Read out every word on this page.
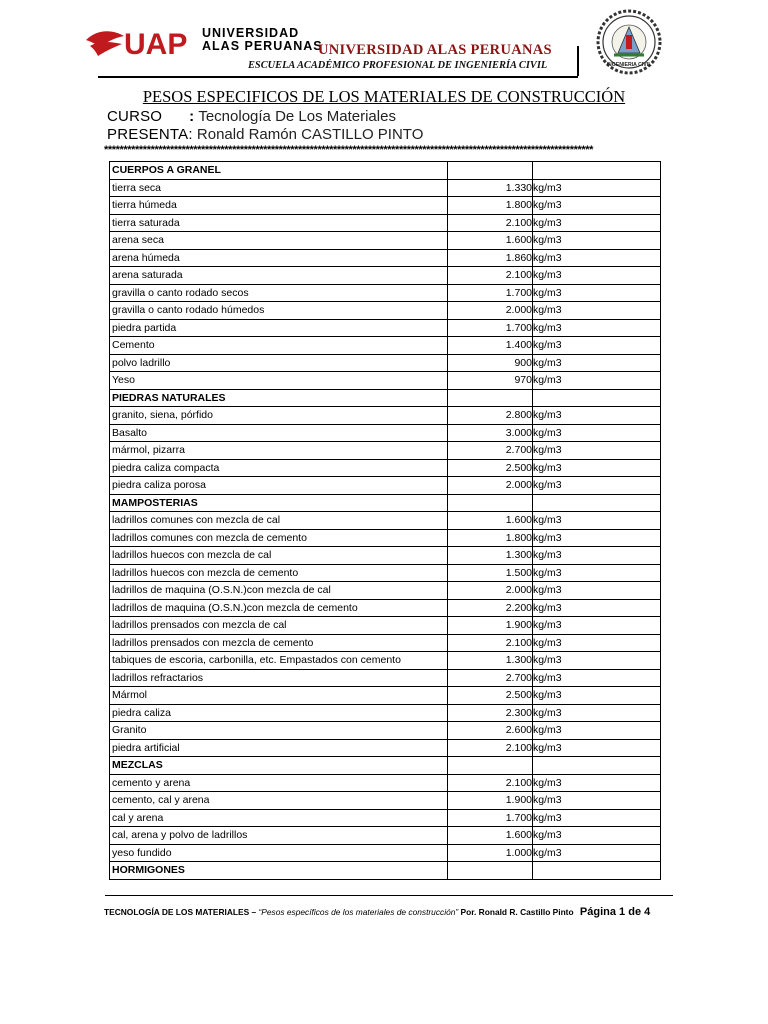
UAP UNIVERSIDAD
ALAS PERUANAS
UNIVERSIDAD ALAS PERUANAS
ESCUELA ACADÉMICO PROFESIONAL DE INGENIERÍA CIVIL	INGENIERIA CIVIL
PESOS ESPECIFICOS DE LOS MATERIALES DE CONSTRUCCIÓN
CURSO : Tecnología De Los Materiales
PRESENTA: Ronald Ramón CASTILLO PINTO
******************************************************************************************************************************
CUERPOS A GRANEL		
tierra seca	1.330	kg/m3
tierra húmeda	1.800	kg/m3
tierra saturada	2.100	kg/m3
arena seca	1.600	kg/m3
arena húmeda	1.860	kg/m3
arena saturada	2.100	kg/m3
gravilla o canto rodado secos	1.700	kg/m3
gravilla o canto rodado húmedos	2.000	kg/m3
piedra partida	1.700	kg/m3
Cemento	1.400	kg/m3
polvo ladrillo	900	kg/m3
Yeso	970	kg/m3
PIEDRAS NATURALES		
granito, siena, pórfido	2.800	kg/m3
Basalto	3.000	kg/m3
mármol, pizarra	2.700	kg/m3
piedra caliza compacta	2.500	kg/m3
piedra caliza porosa	2.000	kg/m3
MAMPOSTERIAS		
ladrillos comunes con mezcla de cal	1.600	kg/m3
ladrillos comunes con mezcla de cemento	1.800	kg/m3
ladrillos huecos con mezcla de cal	1.300	kg/m3
ladrillos huecos con mezcla de cemento	1.500	kg/m3
ladrillos de maquina (O.S.N.)con mezcla de cal	2.000	kg/m3
ladrillos de maquina (O.S.N.)con mezcla de cemento	2.200	kg/m3
ladrillos prensados con mezcla de cal	1.900	kg/m3
ladrillos prensados con mezcla de cemento	2.100	kg/m3
tabiques de escoria, carbonilla, etc. Empastados con cemento	1.300	kg/m3
ladrillos refractarios	2.700	kg/m3
Mármol	2.500	kg/m3
piedra caliza	2.300	kg/m3
Granito	2.600	kg/m3
piedra artificial	2.100	kg/m3
MEZCLAS		
cemento y arena	2.100	kg/m3
cemento, cal y arena	1.900	kg/m3
cal y arena	1.700	kg/m3
cal, arena y polvo de ladrillos	1.600	kg/m3
yeso fundido	1.000	kg/m3
HORMIGONES		
TECNOLOGÍA DE LOS MATERIALES – “Pesos específicos de los materiales de construcción” Por. Ronald R. Castillo Pinto Página 1 de 4
